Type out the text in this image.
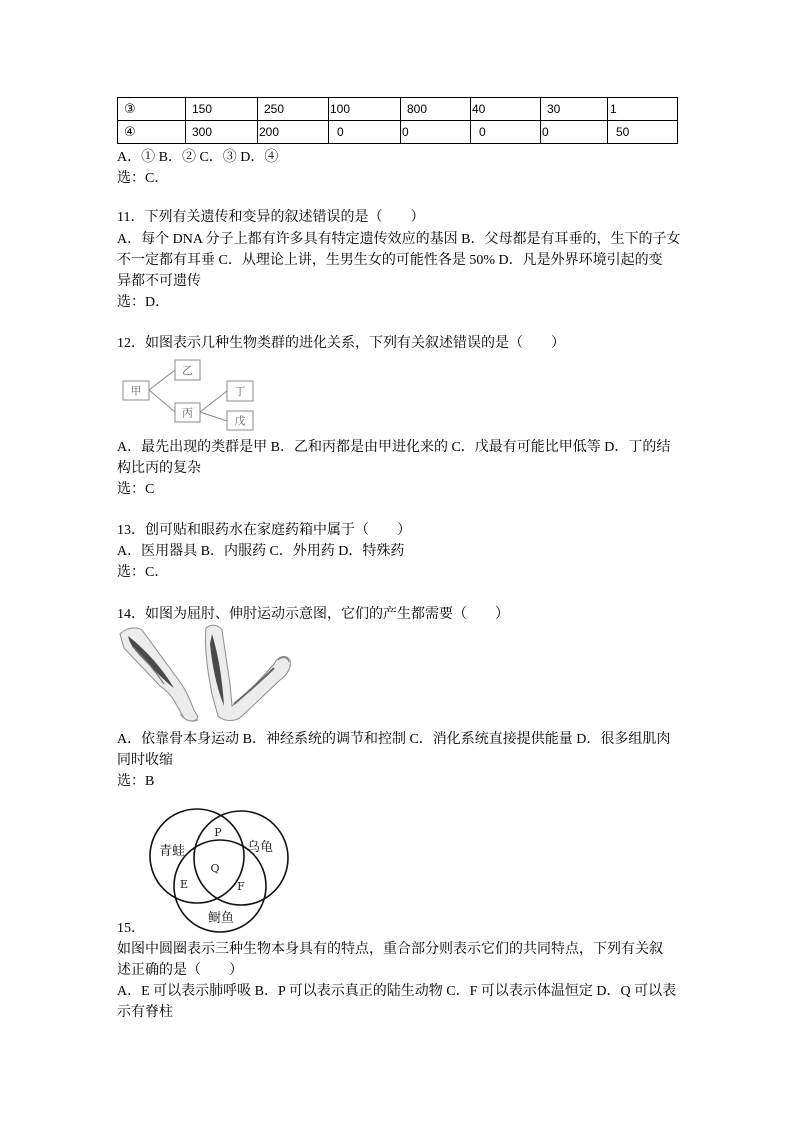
③	150	250	100	800	40	30	1
④	300	200	0	0	0	0	50
A．① B．② C．③ D．④
选：C．
11．下列有关遗传和变异的叙述错误的是（　　）
A．每个 DNA 分子上都有许多具有特定遗传效应的基因 B．父母都是有耳垂的，生下的子女
不一定都有耳垂 C．从理论上讲，生男生女的可能性各是 50% D．凡是外界环境引起的变
异都不可遗传
选：D．
12．如图表示几种生物类群的进化关系，下列有关叙述错误的是（　　）
甲
乙
丙
丁
戊
A．最先出现的类群是甲 B．乙和丙都是由甲进化来的 C．戊最有可能比甲低等 D．丁的结
构比丙的复杂
选：C
13．创可贴和眼药水在家庭药箱中属于（　　）
A．医用器具 B．内服药 C．外用药 D．特殊药
选：C．
14．如图为屈肘、伸肘运动示意图，它们的产生都需要（　　）
A．依靠骨本身运动 B．神经系统的调节和控制 C．消化系统直接提供能量 D．很多组肌肉
同时收缩
选：B
青蛙	乌龟
鲥鱼
P
Q
E	F
15．
如图中圆圈表示三种生物本身具有的特点，重合部分则表示它们的共同特点，下列有关叙
述正确的是（　　）
A．E 可以表示肺呼吸 B．P 可以表示真正的陆生动物 C．F 可以表示体温恒定 D．Q 可以表
示有脊柱
